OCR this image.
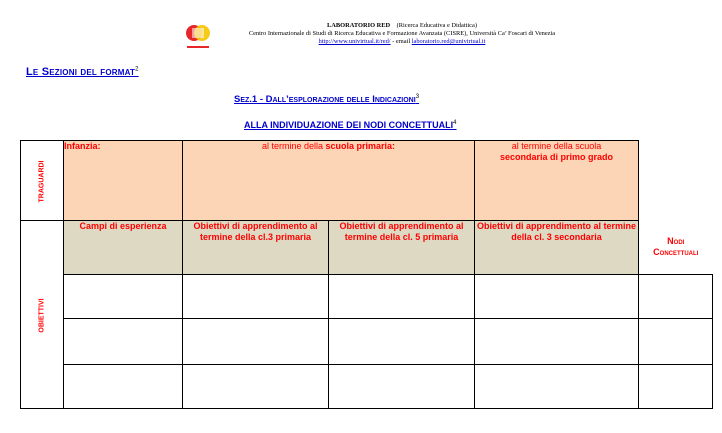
LABORATORIO RED (Ricerca Educativa e Didattica)
Centro Internazionale di Studi di Ricerca Educativa e Formazione Avanzata (CISRE), Università Ca’ Foscari di Venezia
http://www.univirtual.it/red/ - email laboratorio.red@univirtual.it
Le Sezioni del format$^2$
Sez.1 - Dall’esplorazione delle Indicazioni$^3$
ALLA INDIVIDUAZIONE DEI NODI CONCETTUALI$^4$
TRAGUARDI	Infanzia:	al termine della scuola primaria:		al termine della scuola
secondaria di primo grado	

OBIETTIVI	Campi di esperienza	Obiettivi di apprendimento al termine della cl.3 primaria	Obiettivi di apprendimento al termine della cl. 5 primaria	Obiettivi di apprendimento al termine della cl. 3 secondaria	Nodi
Concettuali
